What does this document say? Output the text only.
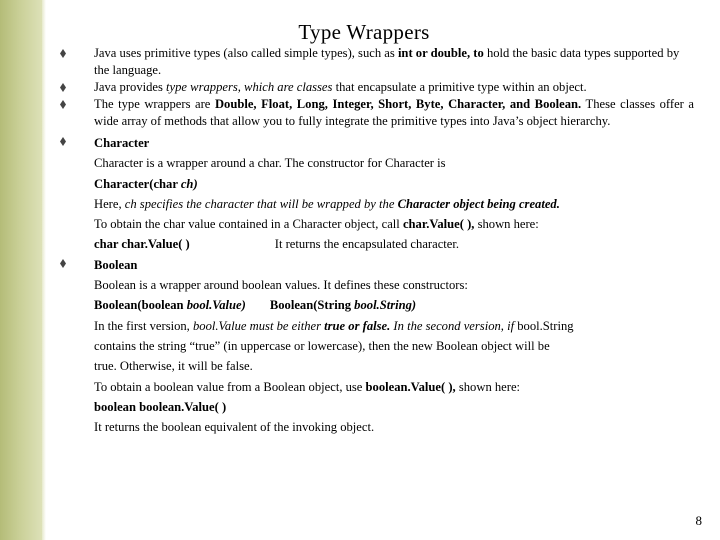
Type Wrappers

Java uses primitive types (also called simple types), such as int or double, to hold the basic data types supported by the language.

Java provides type wrappers, which are classes that encapsulate a primitive type within an object.

The type wrappers are Double, Float, Long, Integer, Short, Byte, Character, and Boolean. These classes offer a wide array of methods that allow you to fully integrate the primitive types into Java’s object hierarchy.

Character

Character is a wrapper around a char. The constructor for Character is

Character(char ch)

Here, ch specifies the character that will be wrapped by the Character object being created.

To obtain the char value contained in a Character object, call char.Value( ), shown here:

char char.Value( )	It returns the encapsulated character.

Boolean

Boolean is a wrapper around boolean values. It defines these constructors:

Boolean(boolean bool.Value) Boolean(String bool.String)

In the first version, bool.Value must be either true or false. In the second version, if bool.String

contains the string “true” (in uppercase or lowercase), then the new Boolean object will be

true. Otherwise, it will be false.

To obtain a boolean value from a Boolean object, use boolean.Value( ), shown here:

boolean boolean.Value( )

It returns the boolean equivalent of the invoking object.

8
